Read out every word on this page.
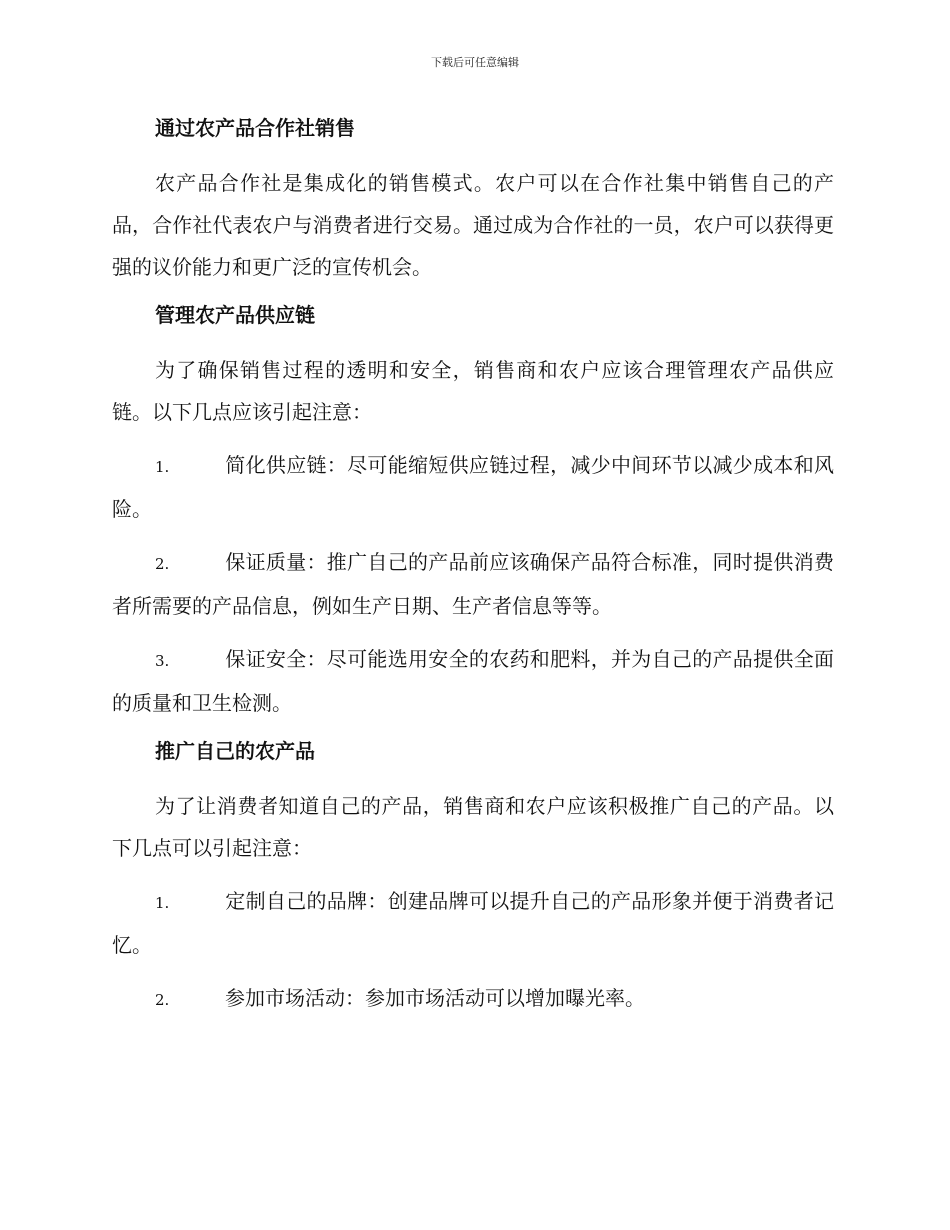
下载后可任意编辑
通过农产品合作社销售

农产品合作社是集成化的销售模式。农户可以在合作社集中销售自己的产品，合作社代表农户与消费者进行交易。通过成为合作社的一员，农户可以获得更强的议价能力和更广泛的宣传机会。

管理农产品供应链

为了确保销售过程的透明和安全，销售商和农户应该合理管理农产品供应链。以下几点应该引起注意：

1.	简化供应链：尽可能缩短供应链过程，减少中间环节以减少成本和风险。

2.	保证质量：推广自己的产品前应该确保产品符合标准，同时提供消费者所需要的产品信息，例如生产日期、生产者信息等等。

3.	保证安全：尽可能选用安全的农药和肥料，并为自己的产品提供全面的质量和卫生检测。

推广自己的农产品

为了让消费者知道自己的产品，销售商和农户应该积极推广自己的产品。以下几点可以引起注意：

1.	定制自己的品牌：创建品牌可以提升自己的产品形象并便于消费者记忆。

2.	参加市场活动：参加市场活动可以增加曝光率。
